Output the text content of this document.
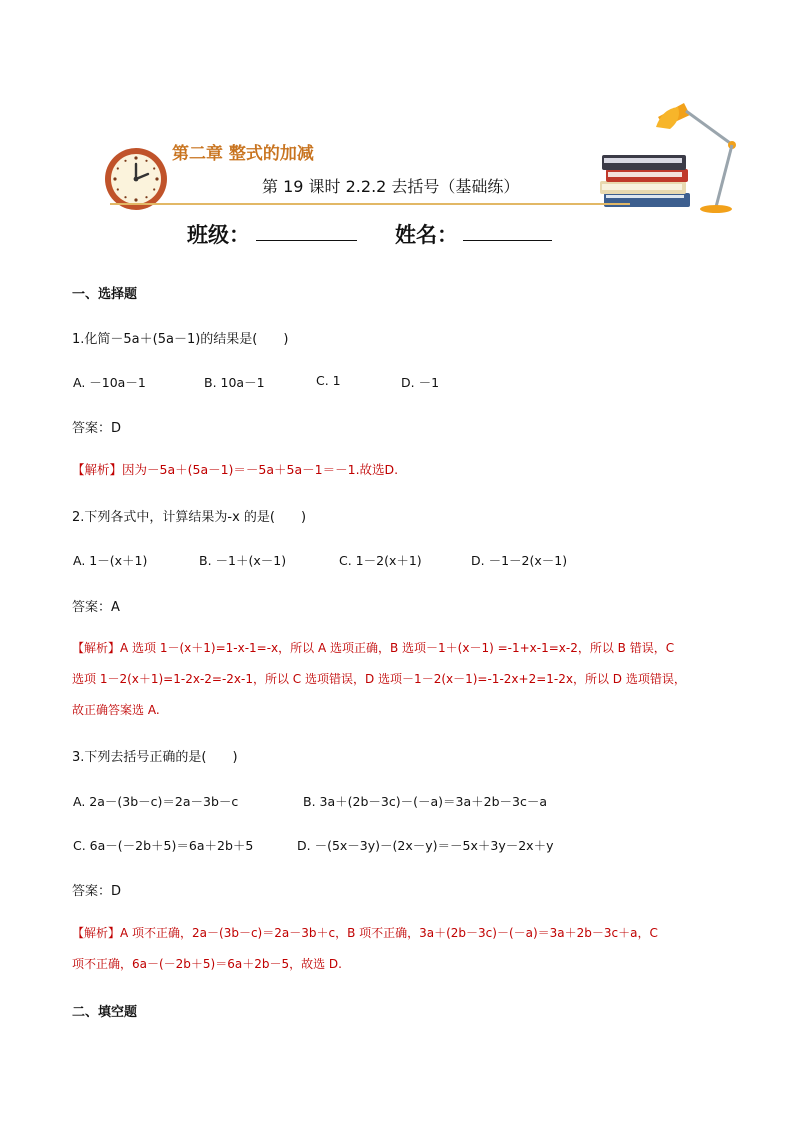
第二章 整式的加减
第 19 课时 2.2.2 去括号（基础练）
班级：	姓名：
一、选择题
1.化简－5a＋(5a－1)的结果是(　　)
A. －10a－1	B. 10a－1	C. 1	D. －1
答案：D
【解析】因为－5a＋(5a－1)＝－5a＋5a－1＝－1.故选D.
2.下列各式中，计算结果为-x 的是(　　)
A. 1－(x＋1)	B. －1＋(x－1)	C. 1－2(x＋1)	D. －1－2(x－1)
答案：A
【解析】A 选项 1－(x＋1)=1-x-1=-x，所以 A 选项正确，B 选项－1＋(x－1) =-1+x-1=x-2，所以 B 错误，C
选项 1－2(x＋1)=1-2x-2=-2x-1，所以 C 选项错误，D 选项－1－2(x－1)=-1-2x+2=1-2x，所以 D 选项错误，
故正确答案选 A.
3.下列去括号正确的是(　　)
A. 2a－(3b－c)＝2a－3b－c	B. 3a＋(2b－3c)－(－a)＝3a＋2b－3c－a
C. 6a－(－2b＋5)＝6a＋2b＋5	D. －(5x－3y)－(2x－y)＝－5x＋3y－2x＋y
答案：D
【解析】A 项不正确，2a－(3b－c)＝2a－3b＋c，B 项不正确，3a＋(2b－3c)－(－a)＝3a＋2b－3c＋a，C
项不正确，6a－(－2b＋5)＝6a＋2b－5，故选 D.
二、填空题
